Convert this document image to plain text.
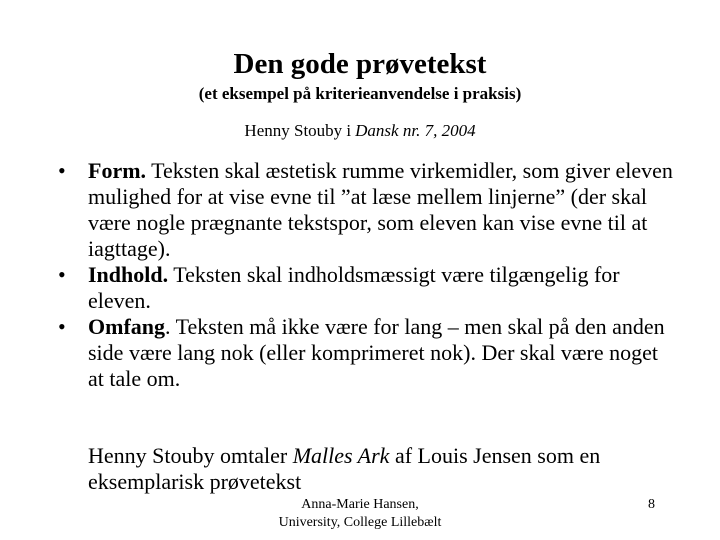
Den gode prøvetekst
(et eksempel på kriterieanvendelse i praksis)
Henny Stouby i Dansk nr. 7, 2004
• Form. Teksten skal æstetisk rumme virkemidler, som giver eleven mulighed for at vise evne til ”at læse mellem linjerne” (der skal være nogle prægnante tekstspor, som eleven kan vise evne til at iagttage).
• Indhold. Teksten skal indholdsmæssigt være tilgængelig for eleven.
• Omfang. Teksten må ikke være for lang – men skal på den anden side være lang nok (eller komprimeret nok). Der skal være noget at tale om.
Henny Stouby omtaler Malles Ark af Louis Jensen som en eksemplarisk prøvetekst
Anna-Marie Hansen,
University, College Lillebælt
8
